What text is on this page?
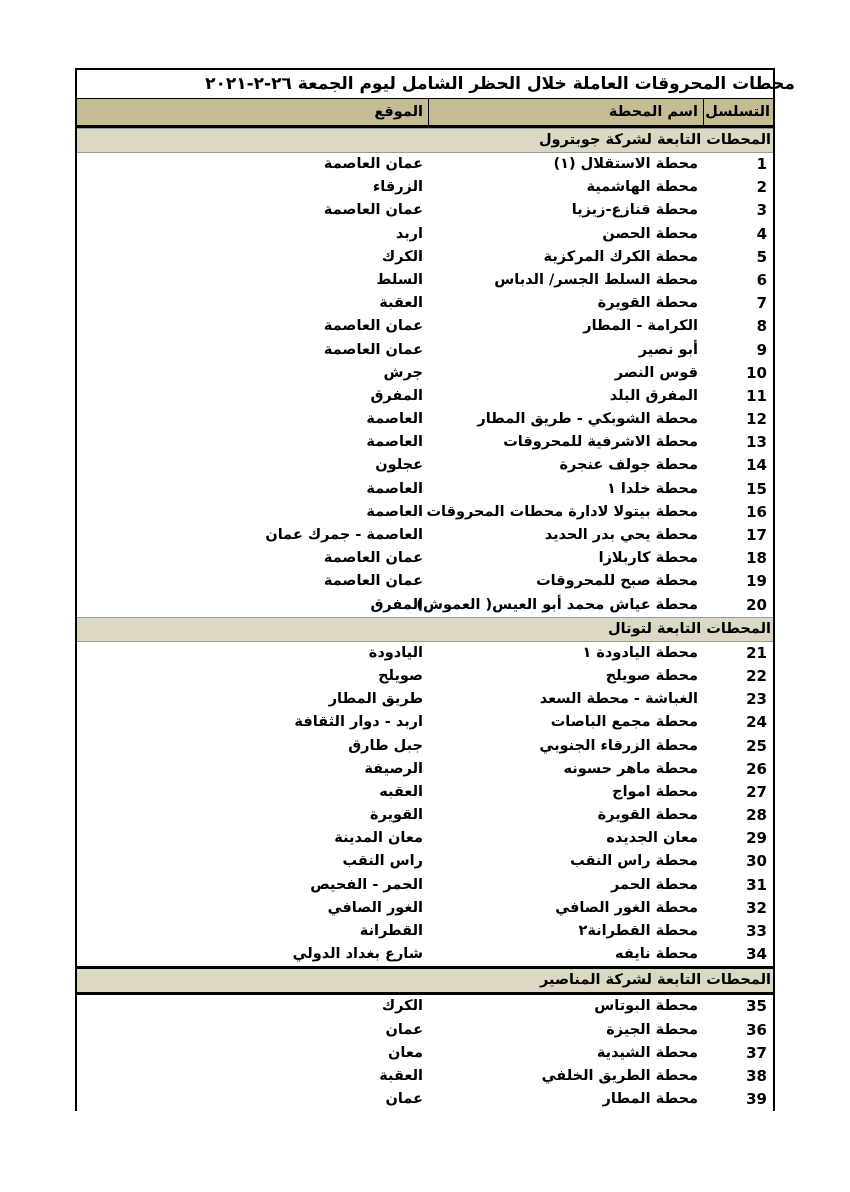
محطات المحروقات العاملة خلال الحظر الشامل ليوم الجمعة ٢٦-٢-٢٠٢١
التسلسل
اسم المحطة
الموقع
المحطات التابعة لشركة جوبترول
1
محطة الاستقلال (١)
عمان العاصمة
2
محطة الهاشمية
الزرقاء
3
محطة قنازع-زيزيا
عمان العاصمة
4
محطة الحصن
اربد
5
محطة الكرك المركزية
الكرك
6
محطة السلط الجسر/ الدباس
السلط
7
محطة القويرة
العقبة
8
الكرامة - المطار
عمان العاصمة
9
أبو نصير
عمان العاصمة
10
قوس النصر
جرش
11
المفرق البلد
المفرق
12
محطة الشوبكي - طريق المطار
العاصمة
13
محطة الاشرفية للمحروقات
العاصمة
14
محطة جولف عنجرة
عجلون
15
محطة خلدا ١
العاصمة
16
محطة بيتولا لادارة محطات المحروقات
العاصمة
17
محطة يحي بدر الحديد
العاصمة - جمرك عمان
18
محطة كاربلازا
عمان العاصمة
19
محطة صبح للمحروقات
عمان العاصمة
20
محطة عياش محمد أبو العيس( العموش)
المفرق
المحطات التابعة لتوتال
21
محطة اليادودة ١
اليادودة
22
محطة صويلح
صويلح
23
الغباشة - محطة السعد
طريق المطار
24
محطة مجمع الباصات
اربد - دوار الثقافة
25
محطة الزرقاء الجنوبي
جبل طارق
26
محطة ماهر حسونه
الرصيفة
27
محطة امواج
العقبه
28
محطة القويرة
القويرة
29
معان الجديده
معان المدينة
30
محطة راس النقب
راس النقب
31
محطة الحمر
الحمر - الفحيص
32
محطة الغور الصافي
الغور الصافي
33
محطة القطرانة٢
القطرانة
34
محطة نايفه
شارع بغداد الدولي
المحطات التابعة لشركة المناصير
35
محطة البوتاس
الكرك
36
محطة الجيزة
عمان
37
محطة الشيدية
معان
38
محطة الطريق الخلفي
العقبة
39
محطة المطار
عمان
